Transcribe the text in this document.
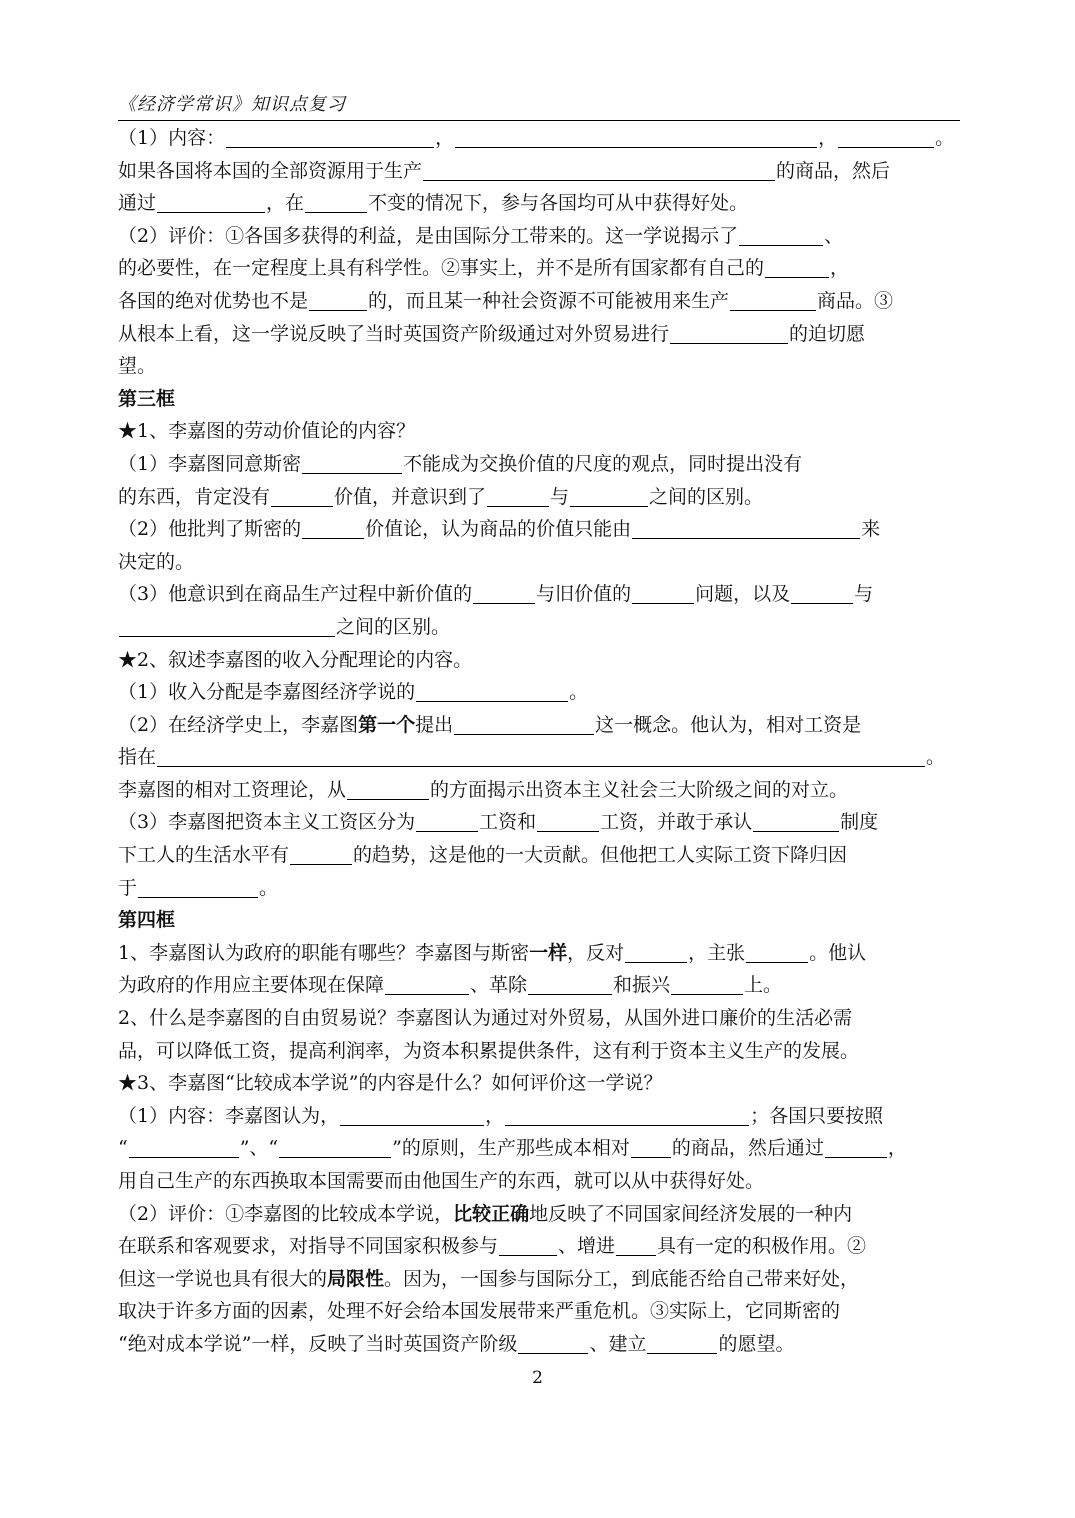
《经济学常识》知识点复习
（1）内容：	，	，	。
如果各国将本国的全部资源用于生产	的商品，然后
通过	，在	不变的情况下，参与各国均可从中获得好处。
（2）评价：①各国多获得的利益，是由国际分工带来的。这一学说揭示了	、
的必要性，在一定程度上具有科学性。②事实上，并不是所有国家都有自己的	，
各国的绝对优势也不是	的，而且某一种社会资源不可能被用来生产	商品。③
从根本上看，这一学说反映了当时英国资产阶级通过对外贸易进行	的迫切愿
望。
第三框
★1、李嘉图的劳动价值论的内容？
（1）李嘉图同意斯密	不能成为交换价值的尺度的观点，同时提出没有
的东西，肯定没有	价值，并意识到了	与	之间的区别。
（2）他批判了斯密的	价值论，认为商品的价值只能由	来
决定的。
（3）他意识到在商品生产过程中新价值的	与旧价值的	问题，以及	与
之间的区别。
★2、叙述李嘉图的收入分配理论的内容。
（1）收入分配是李嘉图经济学说的	。
（2）在经济学史上，李嘉图第一个提出	这一概念。他认为，相对工资是
指在	。
李嘉图的相对工资理论，从	的方面揭示出资本主义社会三大阶级之间的对立。
（3）李嘉图把资本主义工资区分为	工资和	工资，并敢于承认	制度
下工人的生活水平有	的趋势，这是他的一大贡献。但他把工人实际工资下降归因
于	。
第四框
1、李嘉图认为政府的职能有哪些？李嘉图与斯密一样，反对	，主张	。他认
为政府的作用应主要体现在保障	、革除	和振兴	上。
2、什么是李嘉图的自由贸易说？李嘉图认为通过对外贸易，从国外进口廉价的生活必需
品，可以降低工资，提高利润率，为资本积累提供条件，这有利于资本主义生产的发展。
★3、李嘉图“比较成本学说”的内容是什么？如何评价这一学说？
（1）内容：李嘉图认为，	，	；各国只要按照
“	”、“	”的原则，生产那些成本相对 的商品，然后通过	，
用自己生产的东西换取本国需要而由他国生产的东西，就可以从中获得好处。
（2）评价：①李嘉图的比较成本学说，比较正确地反映了不同国家间经济发展的一种内
在联系和客观要求，对指导不同国家积极参与	、增进 具有一定的积极作用。②
但这一学说也具有很大的局限性。因为，一国参与国际分工，到底能否给自己带来好处，
取决于许多方面的因素，处理不好会给本国发展带来严重危机。③实际上，它同斯密的
“绝对成本学说”一样，反映了当时英国资产阶级	、建立	的愿望。
2
